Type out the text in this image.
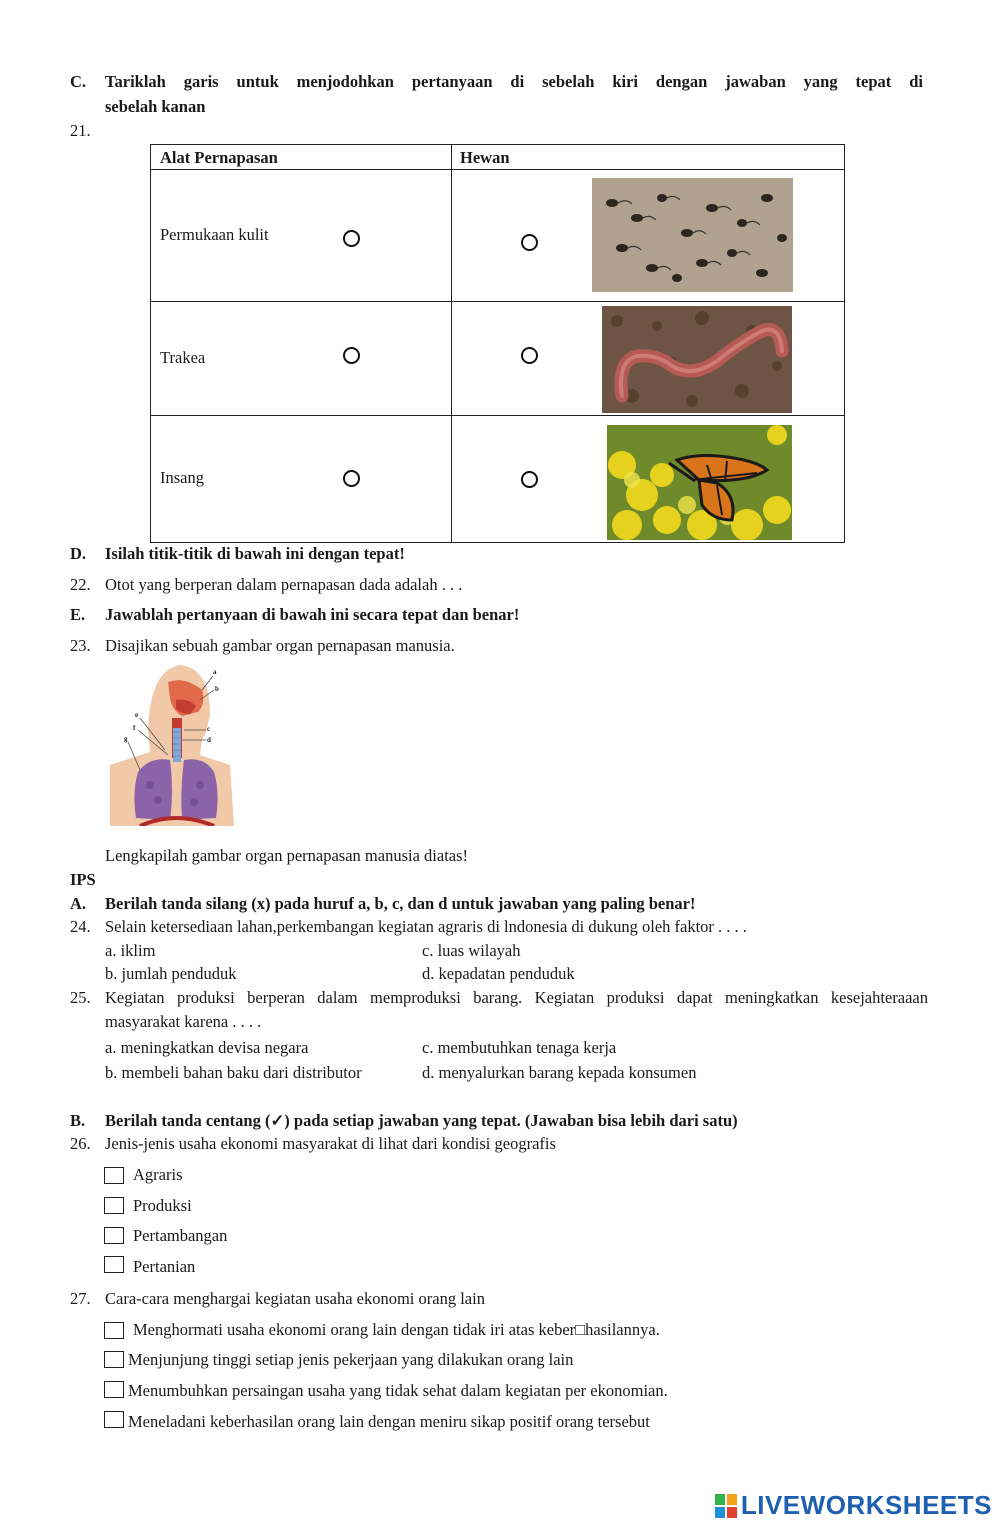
C. Tariklah garis untuk menjodohkan pertanyaan di sebelah kiri dengan jawaban yang tepat di
sebelah kanan
21.
Alat Pernapasan	Hewan
Permukaan kulit
Trakea
Insang
D. Isilah titik-titik di bawah ini dengan tepat!
22. Otot yang berperan dalam pernapasan dada adalah . . .
E. Jawablah pertanyaan di bawah ini secara tepat dan benar!
23. Disajikan sebuah gambar organ pernapasan manusia.
a
b
c
d
e
f
g
Lengkapilah gambar organ pernapasan manusia diatas!
IPS
A. Berilah tanda silang (x) pada huruf a, b, c, dan d untuk jawaban yang paling benar!
24. Selain ketersediaan lahan,perkembangan kegiatan agraris di lndonesia di dukung oleh faktor . . . .
a. iklim	c. luas wilayah
b. jumlah penduduk	d. kepadatan penduduk
25. Kegiatan produksi berperan dalam memproduksi barang. Kegiatan produksi dapat meningkatkan kesejahteraaan
masyarakat karena . . . .
a. meningkatkan devisa negara	c. membutuhkan tenaga kerja
b. membeli bahan baku dari distributor	d. menyalurkan barang kepada konsumen
B. Berilah tanda centang (✓) pada setiap jawaban yang tepat. (Jawaban bisa lebih dari satu)
26. Jenis-jenis usaha ekonomi masyarakat di lihat dari kondisi geografis
Agraris
Produksi
Pertambangan
Pertanian
27. Cara-cara menghargai kegiatan usaha ekonomi orang lain
Menghormati usaha ekonomi orang lain dengan tidak iri atas keber□hasilannya.
Menjunjung tinggi setiap jenis pekerjaan yang dilakukan orang lain
Menumbuhkan persaingan usaha yang tidak sehat dalam kegiatan per ekonomian.
Meneladani keberhasilan orang lain dengan meniru sikap positif orang tersebut
LIVEWORKSHEETS
